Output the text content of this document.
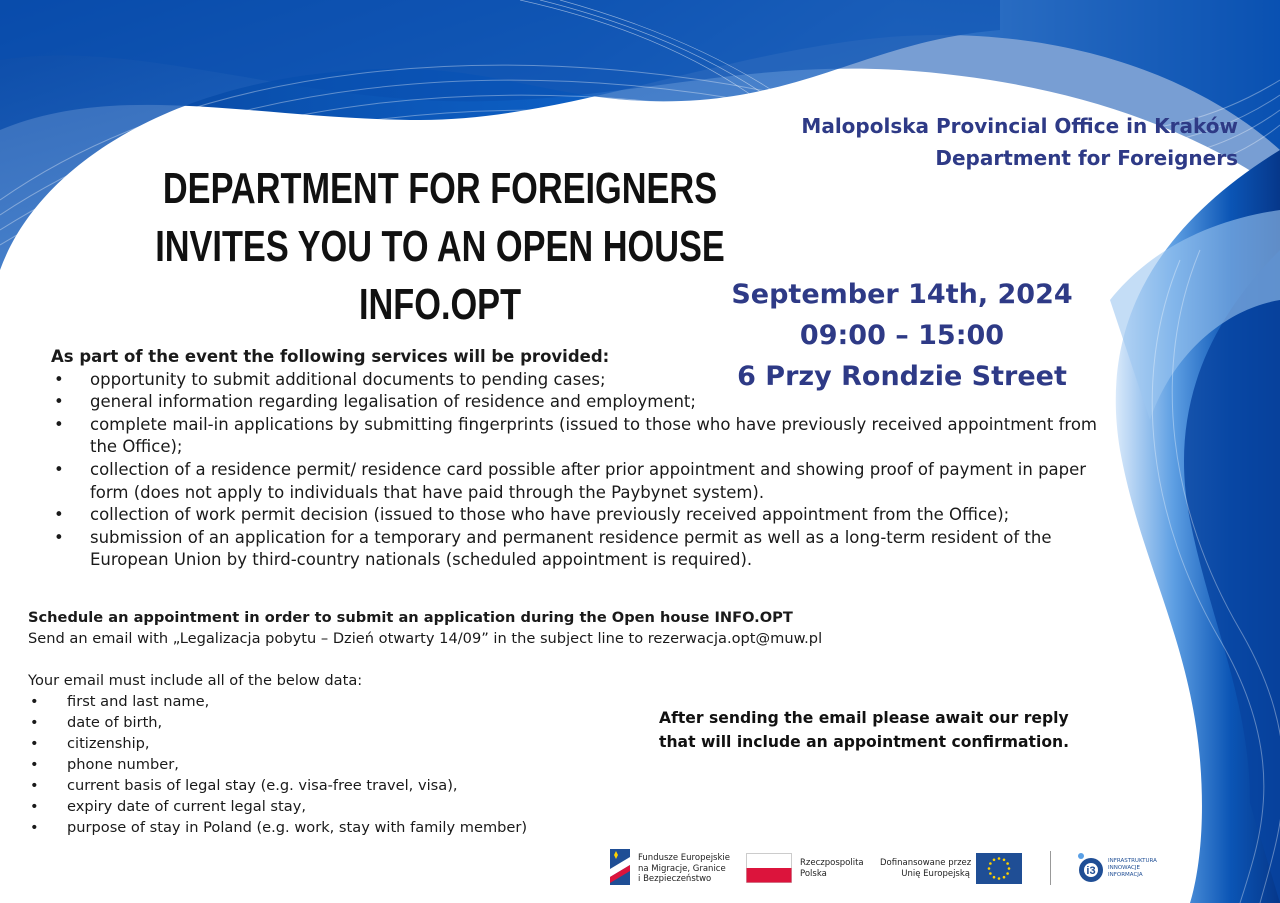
Malopolska Provincial Office in Kraków
Department for Foreigners
DEPARTMENT FOR FOREIGNERS
INVITES YOU TO AN OPEN HOUSE INFO.OPT	September 14th, 2024
09:00 – 15:00
6 Przy Rondzie Street
As part of the event the following services will be provided:
• opportunity to submit additional documents to pending cases;
• general information regarding legalisation of residence and employment;
• complete mail-in applications by submitting fingerprints (issued to those who have previously received appointment from the Office);
• collection of a residence permit/ residence card possible after prior appointment and showing proof of payment in paper form (does not apply to individuals that have paid through the Paybynet system).
• collection of work permit decision (issued to those who have previously received appointment from the Office);
• submission of an application for a temporary and permanent residence permit as well as a long-term resident of the European Union by third-country nationals (scheduled appointment is required).
Schedule an appointment in order to submit an application during the Open house INFO.OPT
Send an email with „Legalizacja pobytu – Dzień otwarty 14/09” in the subject line to rezerwacja.opt@muw.pl
Your email must include all of the below data:
• first and last name,
• date of birth,
• citizenship,
• phone number,
• current basis of legal stay (e.g. visa-free travel, visa),
• expiry date of current legal stay,
• purpose of stay in Poland (e.g. work, stay with family member)
After sending the email please await our reply
that will include an appointment confirmation.
Fundusze Europejskie
na Migracje, Granice
i Bezpieczeństwo
Rzeczpospolita
Polska
Dofinansowane przez
Unię Europejską	i3
INFRASTRUKTURA
INNOWACJE
INFORMACJA
